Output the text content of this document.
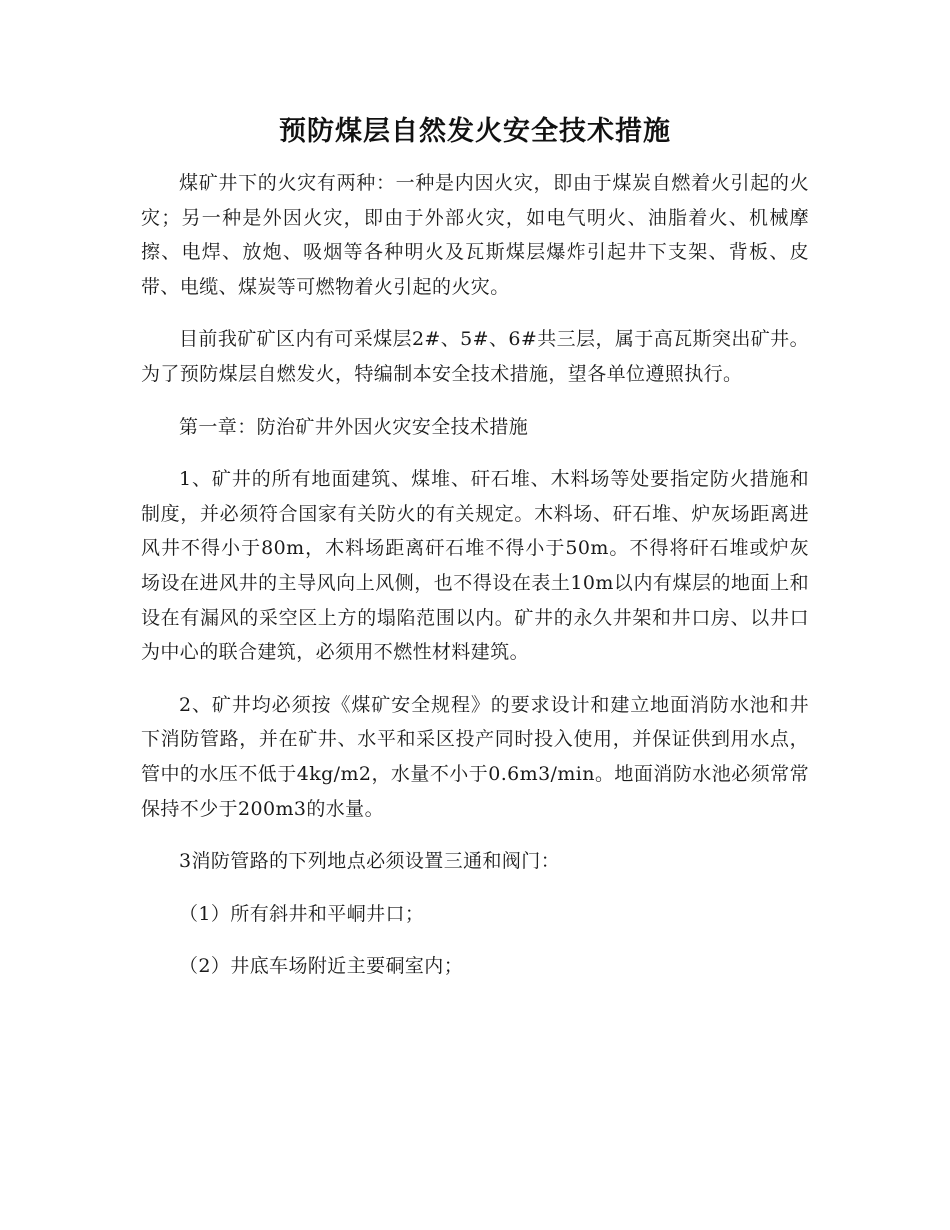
预防煤层自然发火安全技术措施

煤矿井下的火灾有两种：一种是内因火灾，即由于煤炭自燃着火引起的火灾；另一种是外因火灾，即由于外部火灾，如电气明火、油脂着火、机械摩擦、电焊、放炮、吸烟等各种明火及瓦斯煤层爆炸引起井下支架、背板、皮带、电缆、煤炭等可燃物着火引起的火灾。

目前我矿矿区内有可采煤层2#、5#、6#共三层，属于高瓦斯突出矿井。为了预防煤层自燃发火，特编制本安全技术措施，望各单位遵照执行。

第一章：防治矿井外因火灾安全技术措施

1、矿井的所有地面建筑、煤堆、矸石堆、木料场等处要指定防火措施和制度，并必须符合国家有关防火的有关规定。木料场、矸石堆、炉灰场距离进风井不得小于80m，木料场距离矸石堆不得小于50m。不得将矸石堆或炉灰场设在进风井的主导风向上风侧，也不得设在表土10m以内有煤层的地面上和设在有漏风的采空区上方的塌陷范围以内。矿井的永久井架和井口房、以井口为中心的联合建筑，必须用不燃性材料建筑。

2、矿井均必须按《煤矿安全规程》的要求设计和建立地面消防水池和井下消防管路，并在矿井、水平和采区投产同时投入使用，并保证供到用水点，管中的水压不低于4kg/m2，水量不小于0.6m3/min。地面消防水池必须常常保持不少于200m3的水量。

3消防管路的下列地点必须设置三通和阀门：

（1）所有斜井和平峒井口；

（2）井底车场附近主要硐室内；
